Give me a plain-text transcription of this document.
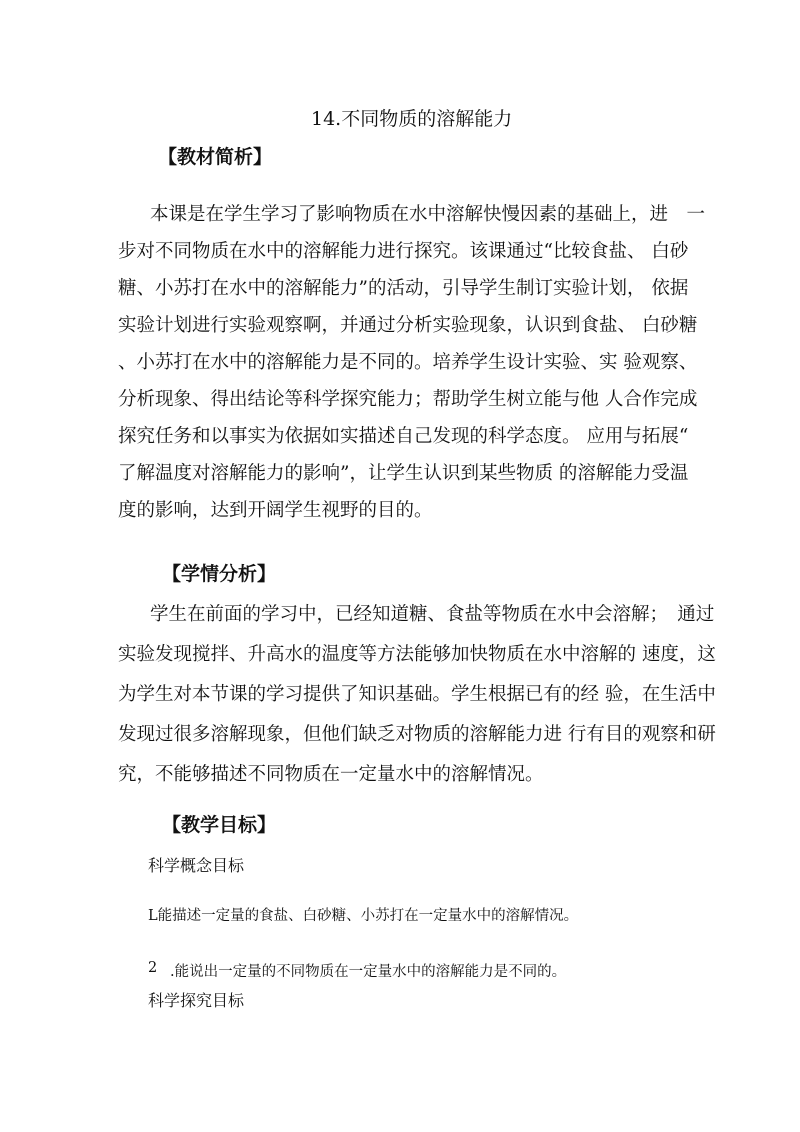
14.不同物质的溶解能力
【教材简析】
本课是在学生学习了影响物质在水中溶解快慢因素的基础上，进　一
步对不同物质在水中的溶解能力进行探究。该课通过“比较食盐、 白砂
糖、小苏打在水中的溶解能力”的活动，引导学生制订实验计划， 依据
实验计划进行实验观察啊，并通过分析实验现象，认识到食盐、 白砂糖
、小苏打在水中的溶解能力是不同的。培养学生设计实验、实 验观察、
分析现象、得出结论等科学探究能力；帮助学生树立能与他 人合作完成
探究任务和以事实为依据如实描述自己发现的科学态度。 应用与拓展“
了解温度对溶解能力的影响”，让学生认识到某些物质 的溶解能力受温
度的影响，达到开阔学生视野的目的。
【学情分析】
学生在前面的学习中，已经知道糖、食盐等物质在水中会溶解；　通过
实验发现搅拌、升高水的温度等方法能够加快物质在水中溶解的 速度，这
为学生对本节课的学习提供了知识基础。学生根据已有的经 验，在生活中
发现过很多溶解现象，但他们缺乏对物质的溶解能力进 行有目的观察和研
究，不能够描述不同物质在一定量水中的溶解情况。
【教学目标】
科学概念目标
L能描述一定量的食盐、白砂糖、小苏打在一定量水中的溶解情况。
2 .能说出一定量的不同物质在一定量水中的溶解能力是不同的。
科学探究目标
